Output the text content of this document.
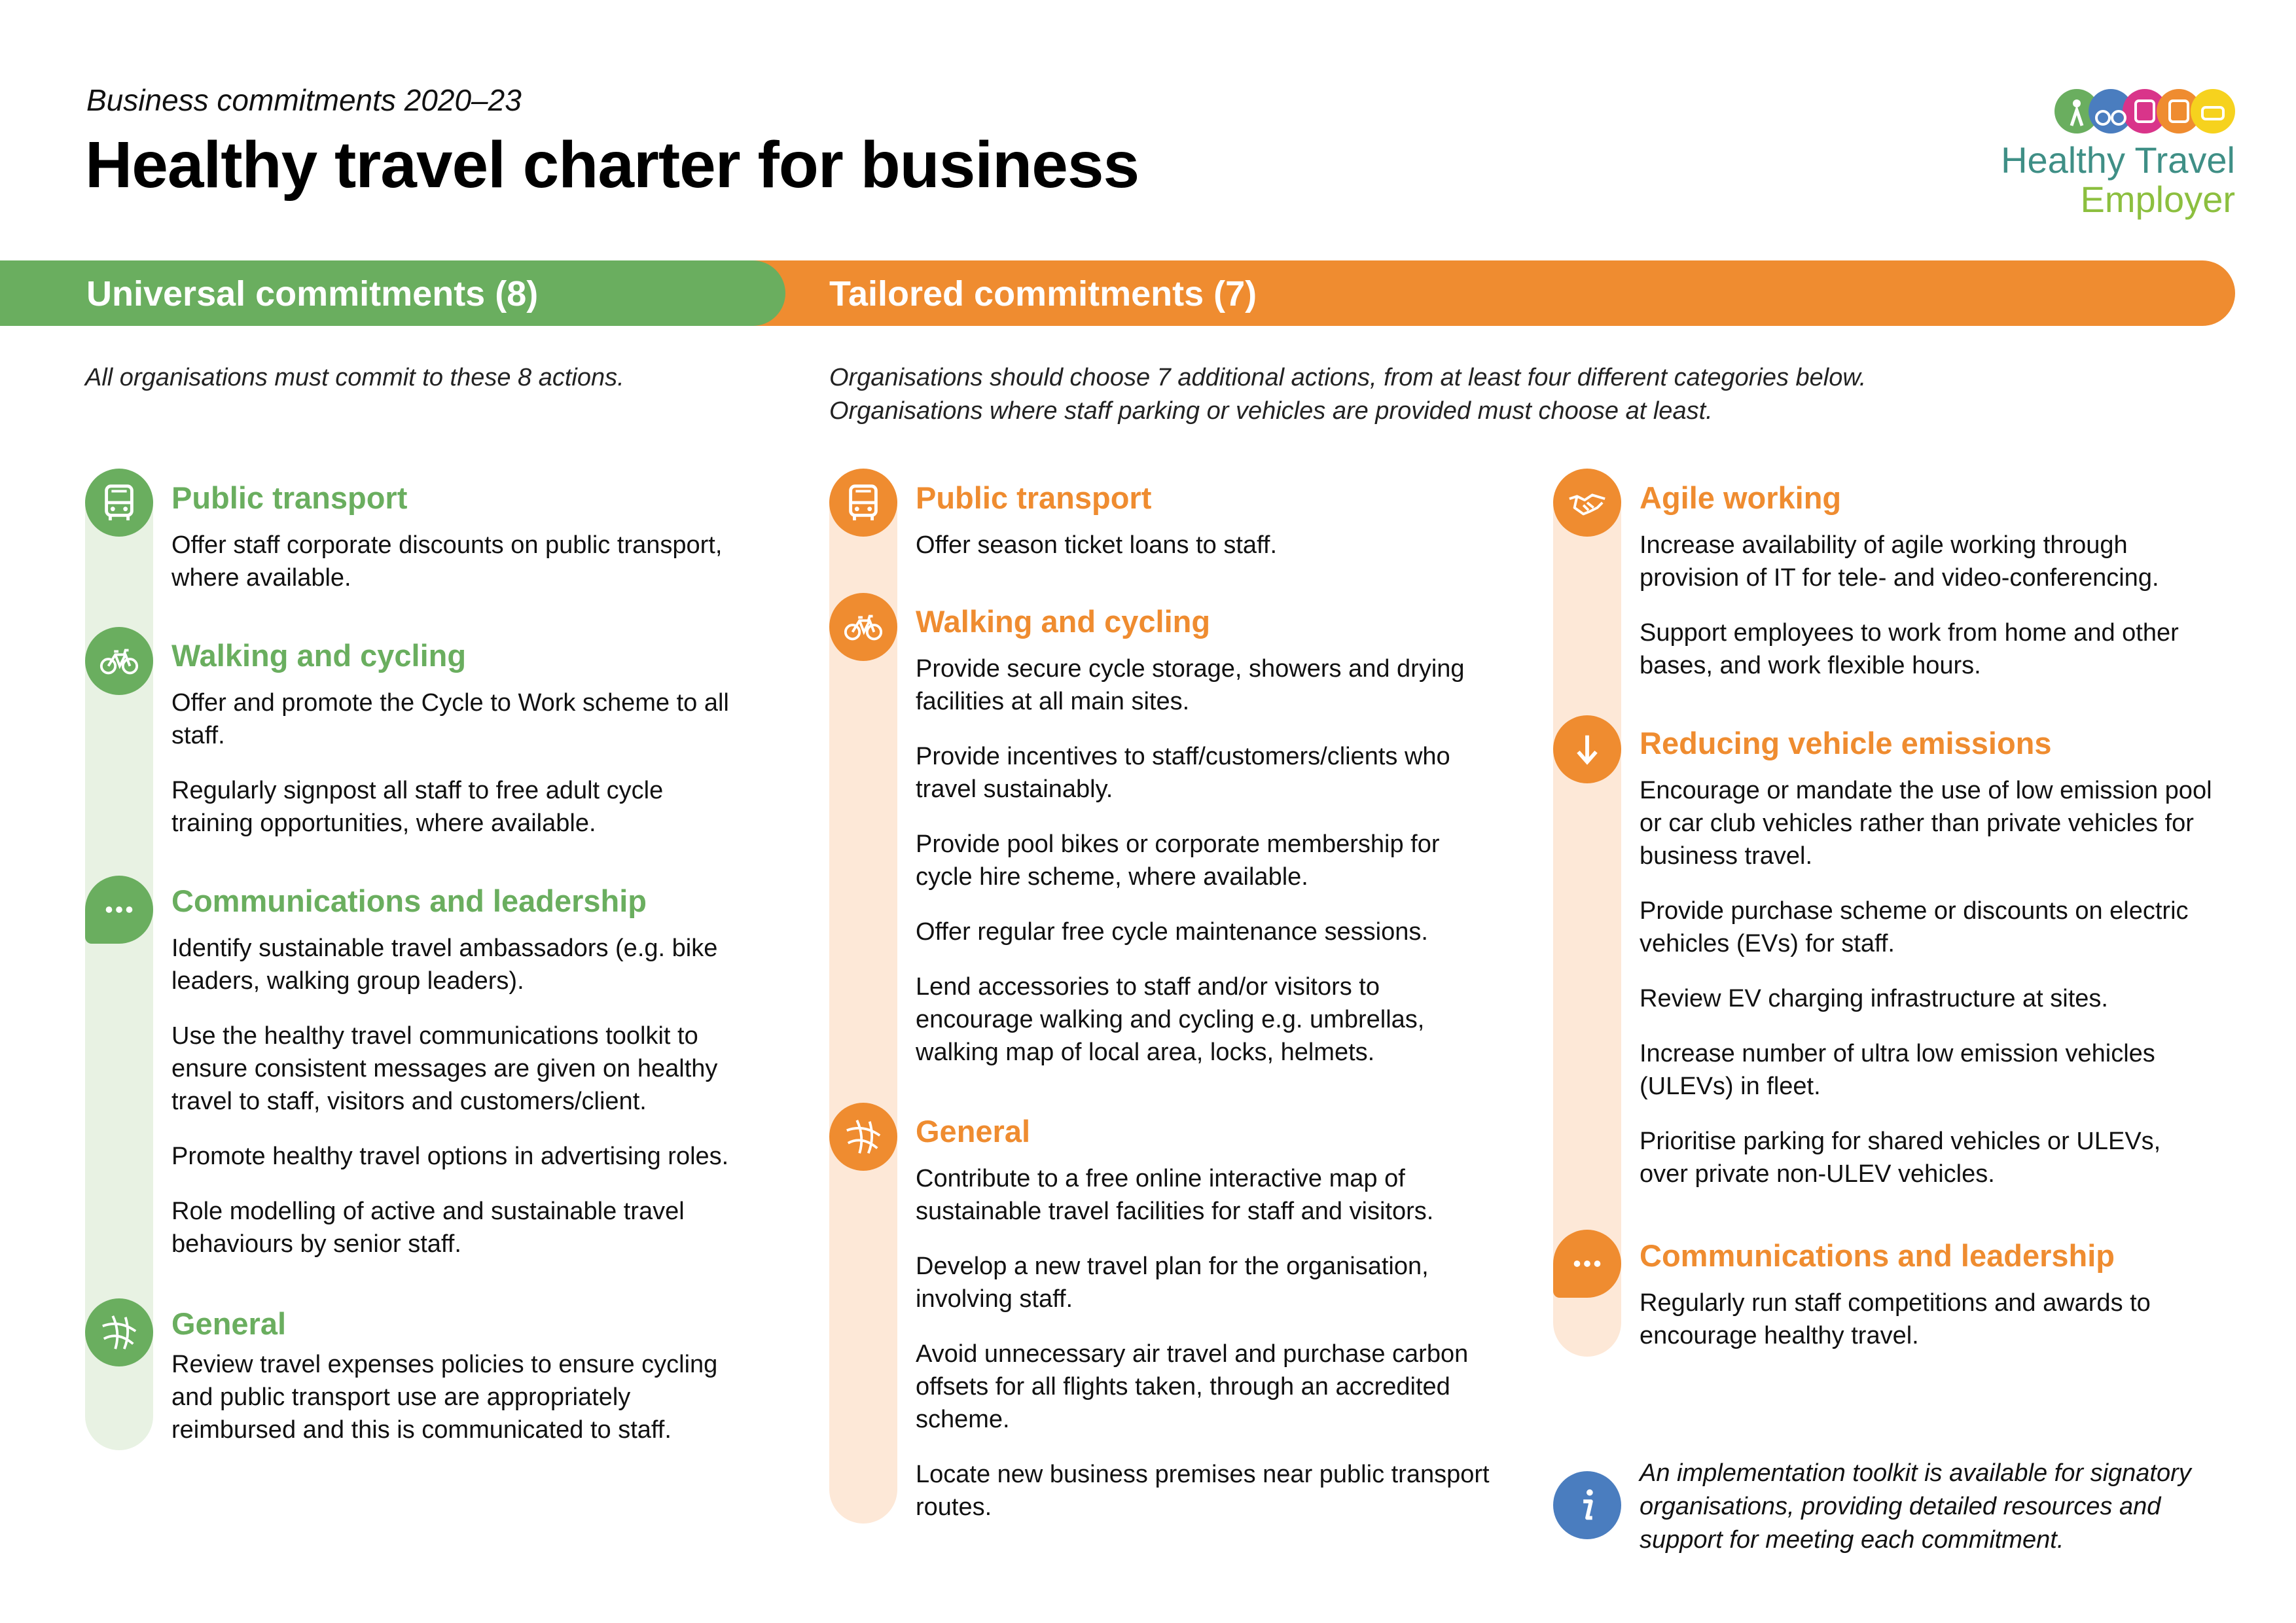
Business commitments 2020–23
Healthy travel charter for business	Healthy Travel
Employer
Universal commitments (8)	Tailored commitments (7)
All organisations must commit to these 8 actions.	Organisations should choose 7 additional actions, from at least four different categories below.
Organisations where staff parking or vehicles are provided must choose at least.

Public transport

Offer staff corporate discounts on public transport, where available.

Walking and cycling

Offer and promote the Cycle to Work scheme to all staff.

Regularly signpost all staff to free adult cycle training opportunities, where available.

Communications and leadership

Identify sustainable travel ambassadors (e.g. bike leaders, walking group leaders).

Use the healthy travel communications toolkit to ensure consistent messages are given on healthy travel to staff, visitors and customers/client.

Promote healthy travel options in advertising roles.

Role modelling of active and sustainable travel behaviours by senior staff.

General

Review travel expenses policies to ensure cycling and public transport use are appropriately reimbursed and this is communicated to staff.

Public transport

Offer season ticket loans to staff.

Walking and cycling

Provide secure cycle storage, showers and drying facilities at all main sites.

Provide incentives to staff/customers/clients who travel sustainably.

Provide pool bikes or corporate membership for cycle hire scheme, where available.

Offer regular free cycle maintenance sessions.

Lend accessories to staff and/or visitors to encourage walking and cycling e.g. umbrellas, walking map of local area, locks, helmets.

General

Contribute to a free online interactive map of sustainable travel facilities for staff and visitors.

Develop a new travel plan for the organisation, involving staff.

Avoid unnecessary air travel and purchase carbon offsets for all flights taken, through an accredited scheme.

Locate new business premises near public transport routes.

Agile working

Increase availability of agile working through provision of IT for tele- and video-conferencing.

Support employees to work from home and other bases, and work flexible hours.

Reducing vehicle emissions

Encourage or mandate the use of low emission pool or car club vehicles rather than private vehicles for business travel.

Provide purchase scheme or discounts on electric vehicles (EVs) for staff.

Review EV charging infrastructure at sites.

Increase number of ultra low emission vehicles (ULEVs) in fleet.

Prioritise parking for shared vehicles or ULEVs, over private non-ULEV vehicles.

Communications and leadership

Regularly run staff competitions and awards to encourage healthy travel.

An implementation toolkit is available for signatory organisations, providing detailed resources and support for meeting each commitment.
